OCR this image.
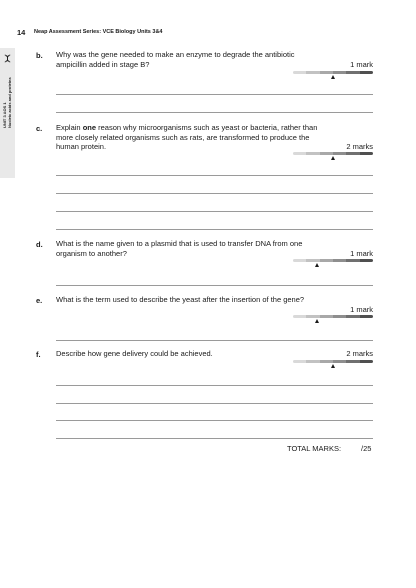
14 Neap Assessment Series: VCE Biology Units 3&4
UNIT 3 AOS 1 Nucleic acids and proteins
b. Why was the gene needed to make an enzyme to degrade the antibiotic ampicillin added in stage B?	1 mark
c. Explain one reason why microorganisms such as yeast or bacteria, rather than more closely related organisms such as rats, are transformed to produce the human protein.	2 marks
d. What is the name given to a plasmid that is used to transfer DNA from one organism to another?	1 mark
e. What is the term used to describe the yeast after the insertion of the gene?
1 mark
f. Describe how gene delivery could be achieved.	2 marks
TOTAL MARKS:	/25
